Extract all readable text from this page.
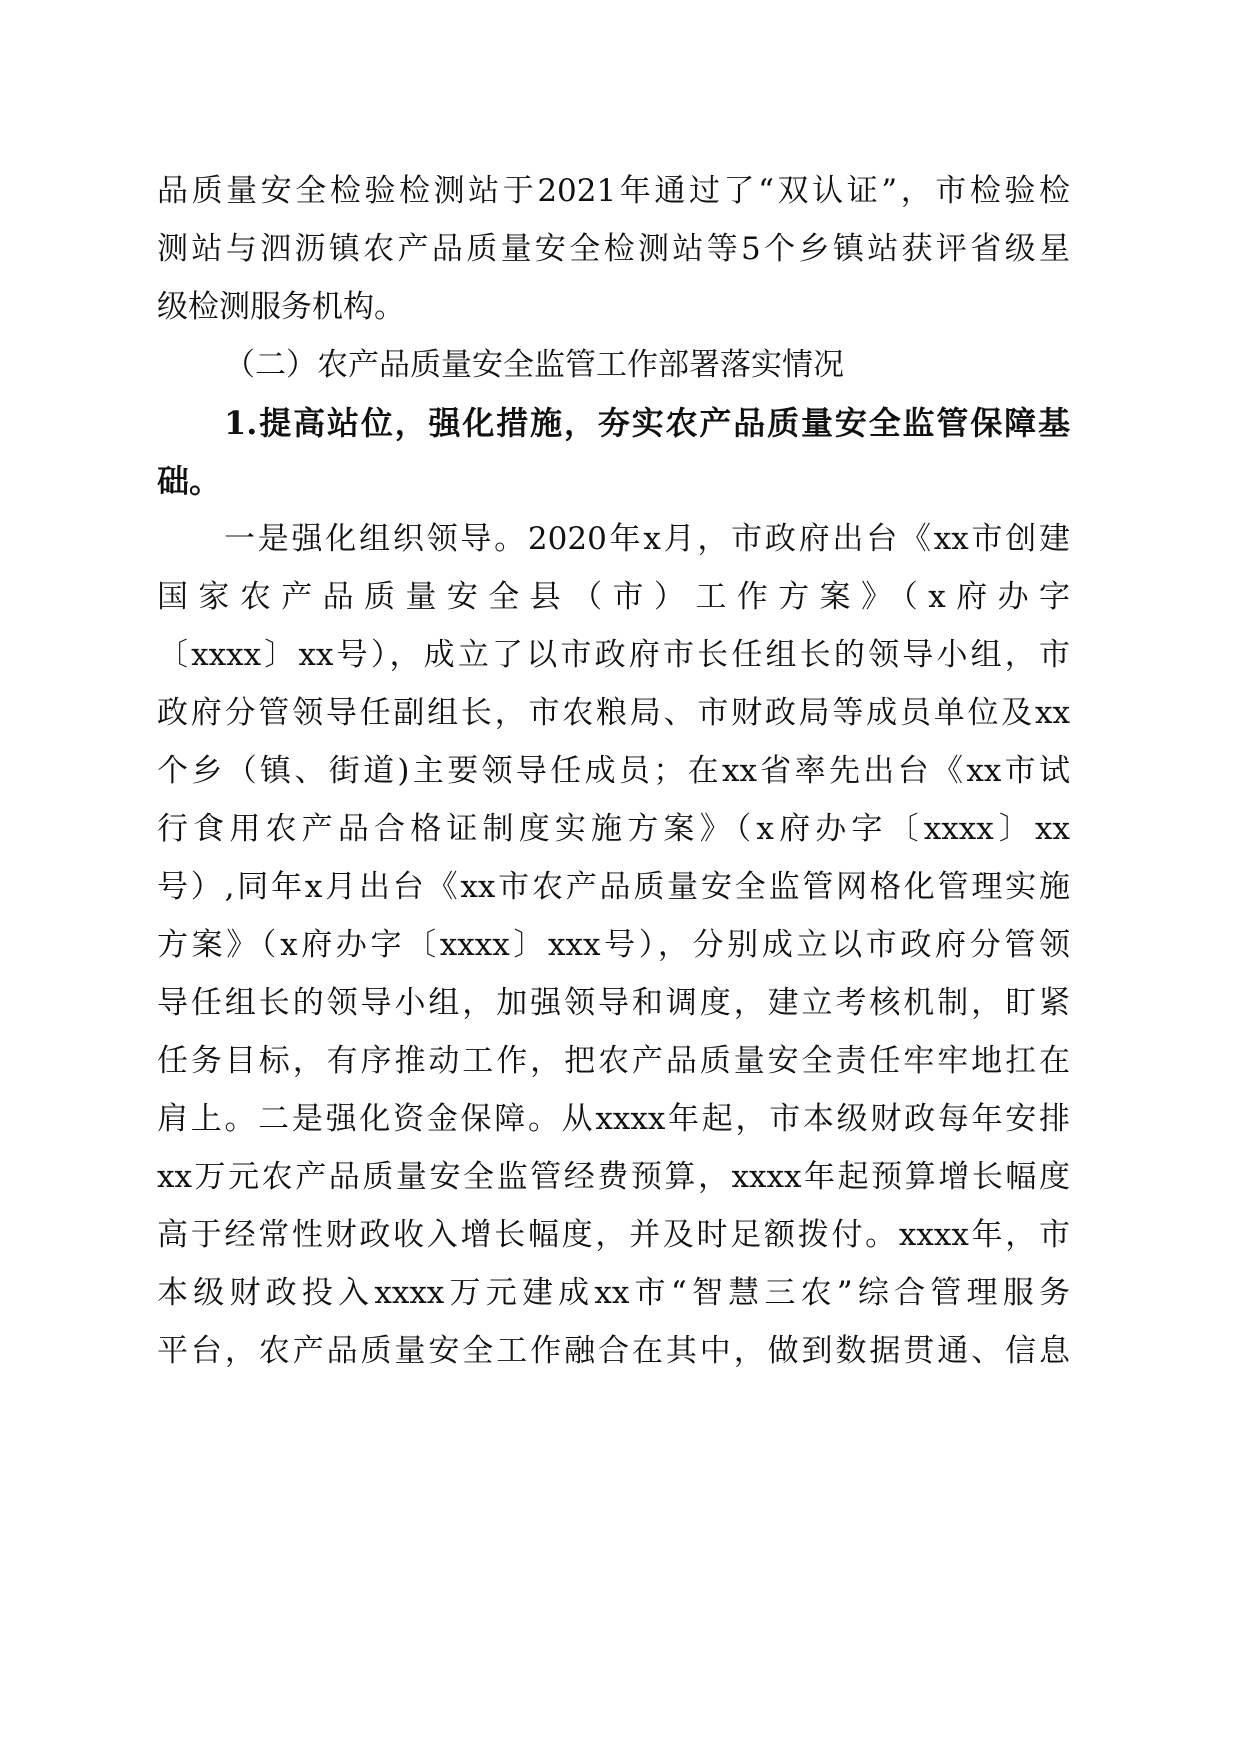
品质量安全检验检测站于2021年通过了“双认证”，市检验检
测站与泗沥镇农产品质量安全检测站等5个乡镇站获评省级星
级检测服务机构。
（二）农产品质量安全监管工作部署落实情况
1.提高站位，强化措施，夯实农产品质量安全监管保障基
础。
一是强化组织领导。2020年x月，市政府出台《xx市创建
国家农产品质量安全县（市）工作方案》（x府办字
〔xxxx〕xx号），成立了以市政府市长任组长的领导小组，市
政府分管领导任副组长，市农粮局、市财政局等成员单位及xx
个乡（镇、街道)主要领导任成员；在xx省率先出台《xx市试
行食用农产品合格证制度实施方案》（x府办字〔xxxx〕xx
号）,同年x月出台《xx市农产品质量安全监管网格化管理实施
方案》（x府办字〔xxxx〕xxx号），分别成立以市政府分管领
导任组长的领导小组，加强领导和调度，建立考核机制，盯紧
任务目标，有序推动工作，把农产品质量安全责任牢牢地扛在
肩上。二是强化资金保障。从xxxx年起，市本级财政每年安排
xx万元农产品质量安全监管经费预算，xxxx年起预算增长幅度
高于经常性财政收入增长幅度，并及时足额拨付。xxxx年，市
本级财政投入xxxx万元建成xx市“智慧三农”综合管理服务
平台，农产品质量安全工作融合在其中，做到数据贯通、信息
